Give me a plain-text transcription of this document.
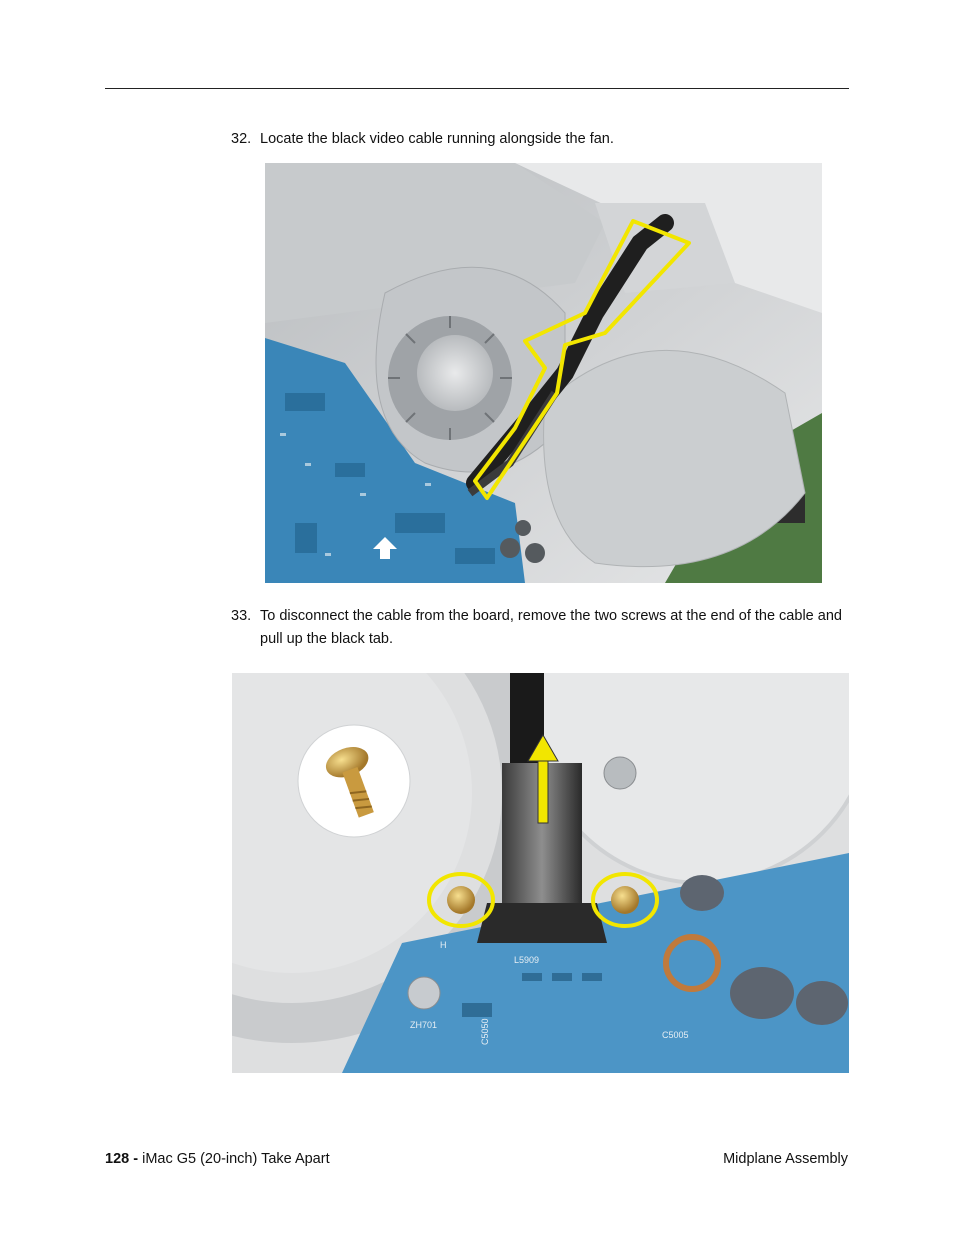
32. Locate the black video cable running alongside the fan.
33. To disconnect the cable from the board, remove the two screws at the end of the cable and pull up the black tab.
ZH701	C5050
L5909
C5005
H
128 - iMac G5 (20-inch) Take Apart	Midplane Assembly
